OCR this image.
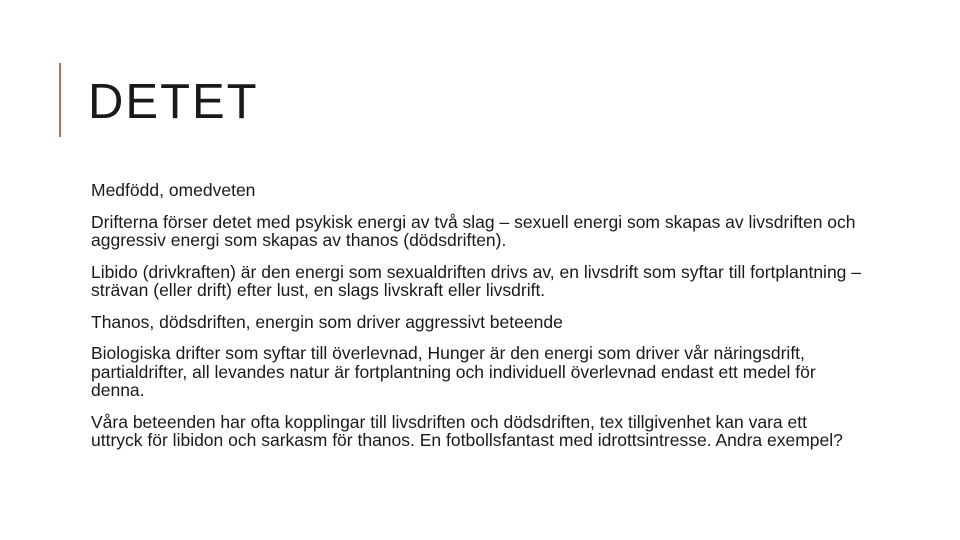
DETET
Medfödd, omedveten
Drifterna förser detet med psykisk energi av två slag – sexuell energi som skapas av livsdriften och aggressiv energi som skapas av thanos (dödsdriften).
Libido (drivkraften) är den energi som sexualdriften drivs av, en livsdrift som syftar till fortplantning – strävan (eller drift) efter lust, en slags livskraft eller livsdrift.
Thanos, dödsdriften, energin som driver aggressivt beteende
Biologiska drifter som syftar till överlevnad, Hunger är den energi som driver vår näringsdrift, partialdrifter, all levandes natur är fortplantning och individuell överlevnad endast ett medel för denna.
Våra beteenden har ofta kopplingar till livsdriften och dödsdriften, tex tillgivenhet kan vara ett uttryck för libidon och sarkasm för thanos. En fotbollsfantast med idrottsintresse. Andra exempel?
